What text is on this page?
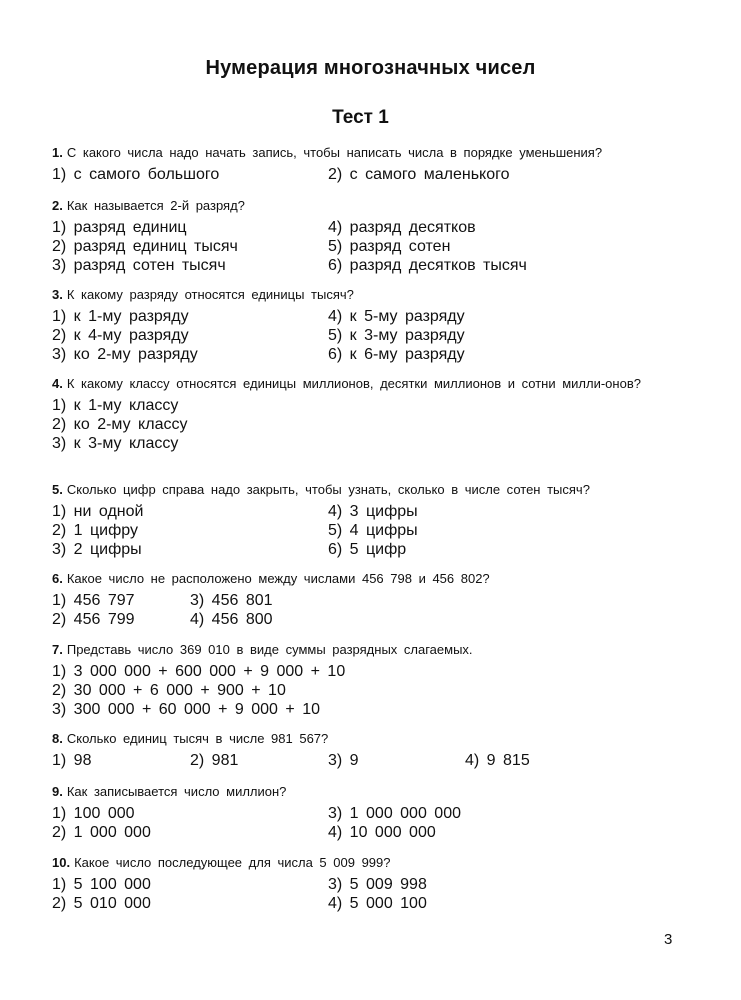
Нумерация многозначных чисел
Тест 1

1. С какого числа надо начать запись, чтобы написать числа в порядке уменьшения?

1) с самого большого	2) с самого маленького

2. Как называется 2-й разряд?

1) разряд единиц
2) разряд единиц тысяч
3) разряд сотен тысяч
4) разряд десятков
5) разряд сотен
6) разряд десятков тысяч

3. К какому разряду относятся единицы тысяч?

1) к 1-му разряду
2) к 4-му разряду
3) ко 2-му разряду
4) к 5-му разряду
5) к 3-му разряду
6) к 6-му разряду

4. К какому классу относятся единицы миллионов, десятки миллионов и сотни милли-онов?

1) к 1-му классу
2) ко 2-му классу
3) к 3-му классу

5. Сколько цифр справа надо закрыть, чтобы узнать, сколько в числе сотен тысяч?

1) ни одной
2) 1 цифру
3) 2 цифры
4) 3 цифры
5) 4 цифры
6) 5 цифр

6. Какое число не расположено между числами 456 798 и 456 802?

1) 456 797
2) 456 799
3) 456 801
4) 456 800

7. Представь число 369 010 в виде суммы разрядных слагаемых.

1) 3 000 000 + 600 000 + 9 000 + 10
2) 30 000 + 6 000 + 900 + 10
3) 300 000 + 60 000 + 9 000 + 10

8. Сколько единиц тысяч в числе 981 567?

1) 98	2) 981	3) 9	4) 9 815

9. Как записывается число миллион?

1) 100 000
2) 1 000 000
3) 1 000 000 000
4) 10 000 000

10. Какое число последующее для числа 5 009 999?

1) 5 100 000
2) 5 010 000
3) 5 009 998
4) 5 000 100
3
